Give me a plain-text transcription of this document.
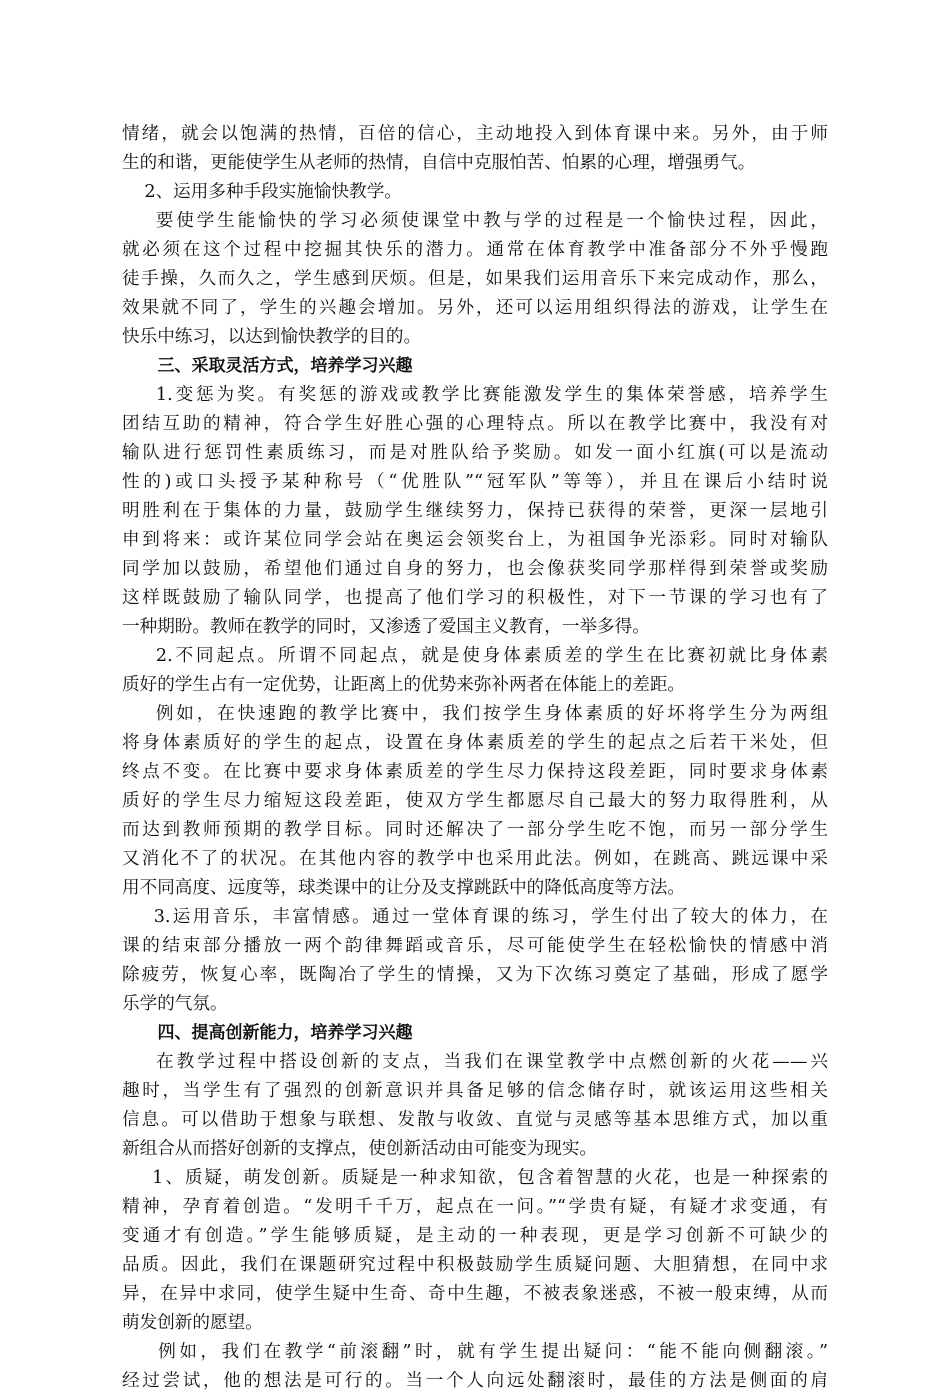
情绪，就会以饱满的热情，百倍的信心，主动地投入到体育课中来。另外，由于师
生的和谐，更能使学生从老师的热情，自信中克服怕苦、怕累的心理，增强勇气。
2、运用多种手段实施愉快教学。
要使学生能愉快的学习必须使课堂中教与学的过程是一个愉快过程，因此，
就必须在这个过程中挖掘其快乐的潜力。通常在体育教学中准备部分不外乎慢跑
徒手操，久而久之，学生感到厌烦。但是，如果我们运用音乐下来完成动作，那么，
效果就不同了，学生的兴趣会增加。另外，还可以运用组织得法的游戏，让学生在
快乐中练习，以达到愉快教学的目的。
三、采取灵活方式，培养学习兴趣
1.变惩为奖。有奖惩的游戏或教学比赛能激发学生的集体荣誉感，培养学生
团结互助的精神，符合学生好胜心强的心理特点。所以在教学比赛中，我没有对
输队进行惩罚性素质练习，而是对胜队给予奖励。如发一面小红旗(可以是流动
性的)或口头授予某种称号（“优胜队”“冠军队”等等），并且在课后小结时说
明胜利在于集体的力量，鼓励学生继续努力，保持已获得的荣誉，更深一层地引
申到将来：或许某位同学会站在奥运会领奖台上，为祖国争光添彩。同时对输队
同学加以鼓励，希望他们通过自身的努力，也会像获奖同学那样得到荣誉或奖励
这样既鼓励了输队同学，也提高了他们学习的积极性，对下一节课的学习也有了
一种期盼。教师在教学的同时，又渗透了爱国主义教育，一举多得。
2.不同起点。所谓不同起点，就是使身体素质差的学生在比赛初就比身体素
质好的学生占有一定优势，让距离上的优势来弥补两者在体能上的差距。
例如，在快速跑的教学比赛中，我们按学生身体素质的好坏将学生分为两组
将身体素质好的学生的起点，设置在身体素质差的学生的起点之后若干米处，但
终点不变。在比赛中要求身体素质差的学生尽力保持这段差距，同时要求身体素
质好的学生尽力缩短这段差距，使双方学生都愿尽自己最大的努力取得胜利，从
而达到教师预期的教学目标。同时还解决了一部分学生吃不饱，而另一部分学生
又消化不了的状况。在其他内容的教学中也采用此法。例如，在跳高、跳远课中采
用不同高度、远度等，球类课中的让分及支撑跳跃中的降低高度等方法。
3.运用音乐，丰富情感。通过一堂体育课的练习，学生付出了较大的体力，在
课的结束部分播放一两个韵律舞蹈或音乐，尽可能使学生在轻松愉快的情感中消
除疲劳，恢复心率，既陶冶了学生的情操，又为下次练习奠定了基础，形成了愿学
乐学的气氛。
四、提高创新能力，培养学习兴趣
在教学过程中搭设创新的支点，当我们在课堂教学中点燃创新的火花——兴
趣时，当学生有了强烈的创新意识并具备足够的信念储存时，就该运用这些相关
信息。可以借助于想象与联想、发散与收敛、直觉与灵感等基本思维方式，加以重
新组合从而搭好创新的支撑点，使创新活动由可能变为现实。
1、质疑，萌发创新。质疑是一种求知欲，包含着智慧的火花，也是一种探索的
精神，孕育着创造。“发明千千万，起点在一问。”“学贵有疑，有疑才求变通，有
变通才有创造。”学生能够质疑，是主动的一种表现，更是学习创新不可缺少的
品质。因此，我们在课题研究过程中积极鼓励学生质疑问题、大胆猜想，在同中求
异，在异中求同，使学生疑中生奇、奇中生趣，不被表象迷惑，不被一般束缚，从而
萌发创新的愿望。
例如，我们在教学“前滚翻”时，就有学生提出疑问：“能不能向侧翻滚。”
经过尝试，他的想法是可行的。当一个人向远处翻滚时，最佳的方法是侧面的肩
